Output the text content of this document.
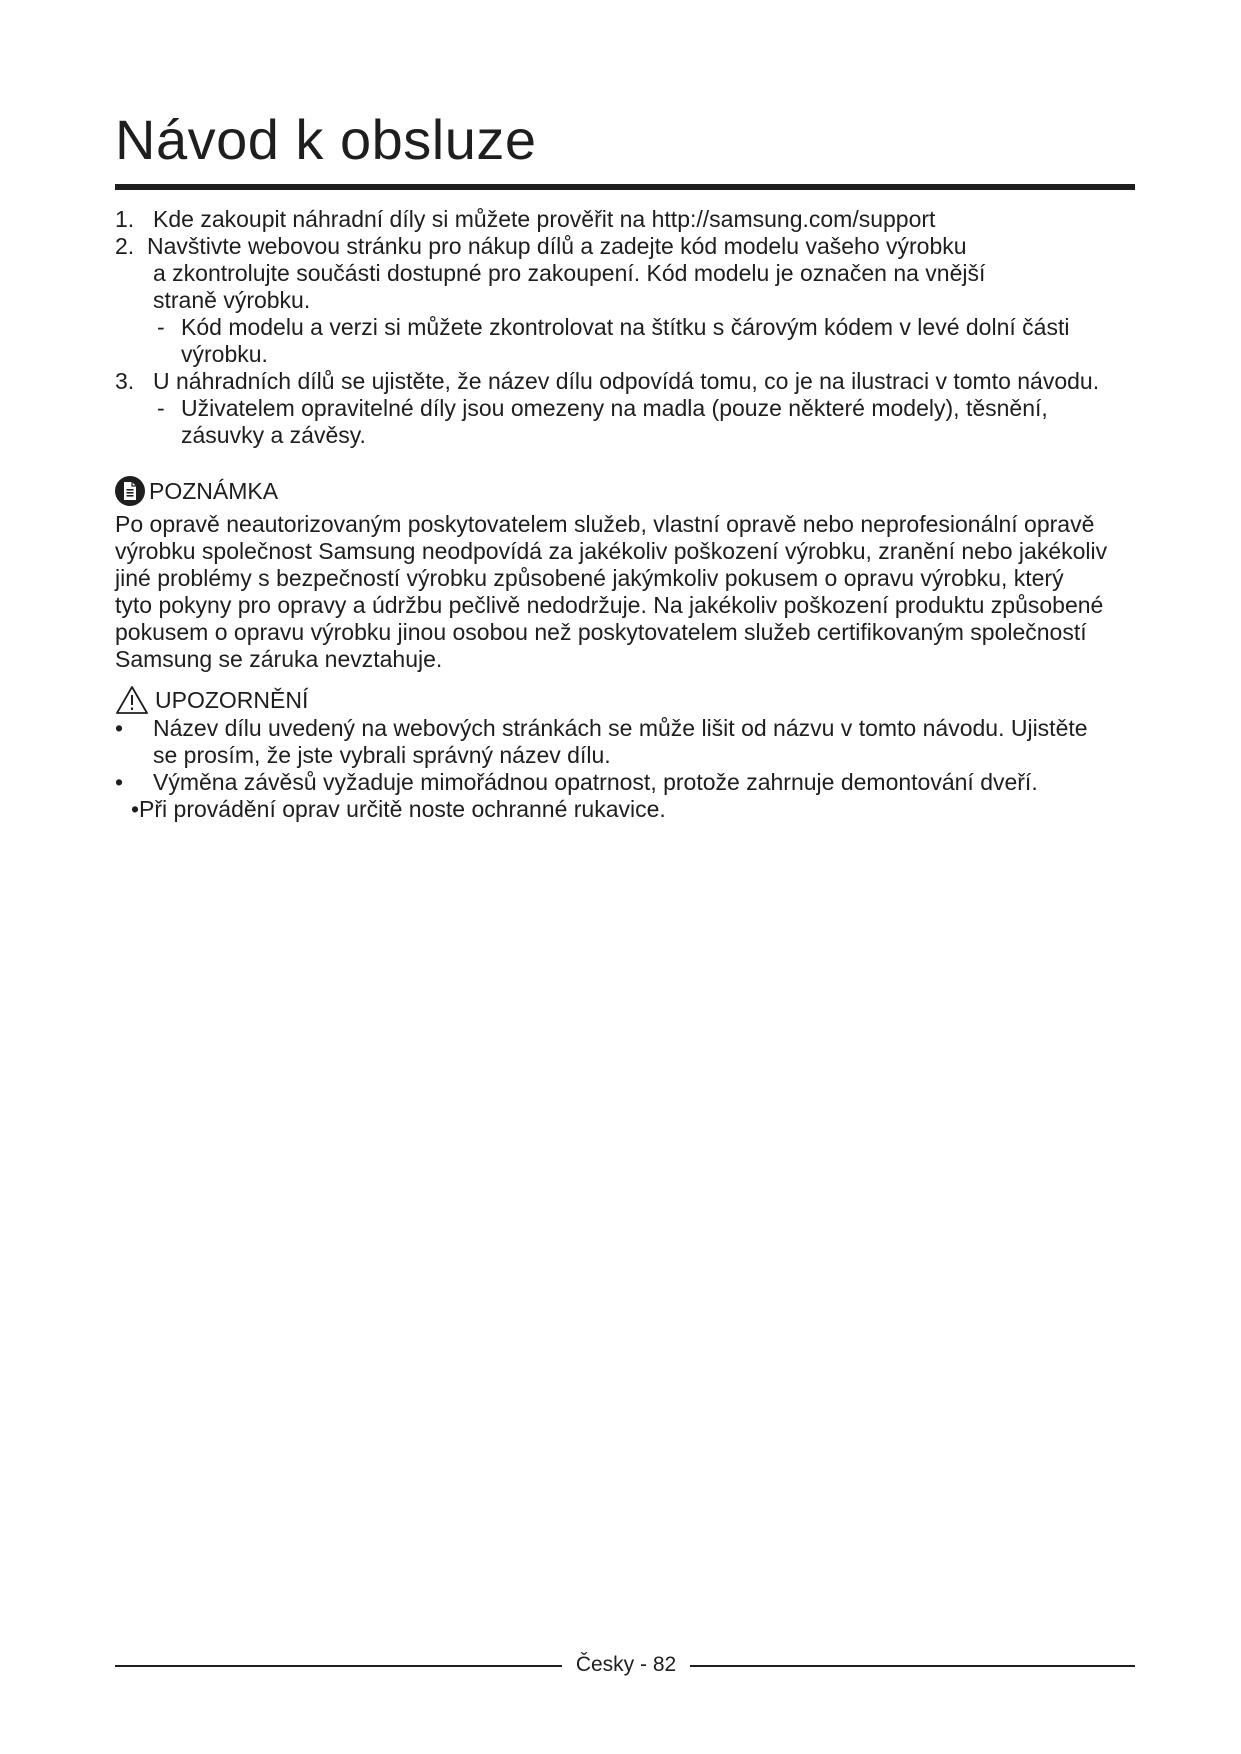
Návod k obsluze
1. Kde zakoupit náhradní díly si můžete prověřit na http://samsung.com/support
2. Navštivte webovou stránku pro nákup dílů a zadejte kód modelu vašeho výrobku
a zkontrolujte součásti dostupné pro zakoupení. Kód modelu je označen na vnější
straně výrobku.
- Kód modelu a verzi si můžete zkontrolovat na štítku s čárovým kódem v levé dolní části
výrobku.
3. U náhradních dílů se ujistěte, že název dílu odpovídá tomu, co je na ilustraci v tomto návodu.
- Uživatelem opravitelné díly jsou omezeny na madla (pouze některé modely), těsnění,
zásuvky a závěsy.
POZNÁMKA
Po opravě neautorizovaným poskytovatelem služeb, vlastní opravě nebo neprofesionální opravě
výrobku společnost Samsung neodpovídá za jakékoliv poškození výrobku, zranění nebo jakékoliv
jiné problémy s bezpečností výrobku způsobené jakýmkoliv pokusem o opravu výrobku, který
tyto pokyny pro opravy a údržbu pečlivě nedodržuje. Na jakékoliv poškození produktu způsobené
pokusem o opravu výrobku jinou osobou než poskytovatelem služeb certifikovaným společností
Samsung se záruka nevztahuje.
UPOZORNĚNÍ
• Název dílu uvedený na webových stránkách se může lišit od názvu v tomto návodu. Ujistěte
se prosím, že jste vybrali správný název dílu.
• Výměna závěsů vyžaduje mimořádnou opatrnost, protože zahrnuje demontování dveří.
•Při provádění oprav určitě noste ochranné rukavice.
Česky - 82
